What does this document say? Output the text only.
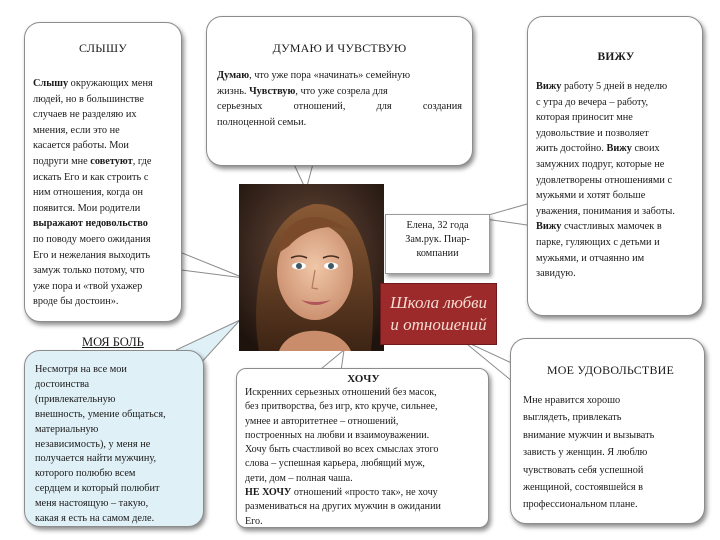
СЛЫШУ
Слышу окружающих меня
людей, но в большинстве
случаев не разделяю их
мнения, если это не
касается работы. Мои
подруги мне советуют, где
искать Его и как строить с
ним отношения, когда он
появится. Мои родители
выражают недовольство
по поводу моего ожидания
Его и нежелания выходить
замуж только потому, что
уже пора и «твой ухажер
вроде бы достоин».
ДУМАЮ И ЧУВСТВУЮ
Думаю, что уже пора «начинать» семейную
жизнь. Чувствую, что уже созрела для
серьезных отношений, для создания
полноценной семьи.
ВИЖУ
Вижу работу 5 дней в неделю
с утра до вечера – работу,
которая приносит мне
удовольствие и позволяет
жить достойно. Вижу своих
замужних подруг, которые не
удовлетворены отношениями с
мужьями и хотят больше
уважения, понимания и заботы.
Вижу счастливых мамочек в
парке, гуляющих с детьми и
мужьями, и отчаянно им
завидую.
Несмотря на все мои
достоинства
(привлекательную
внешность, умение общаться,
материальную
независимость), у меня не
получается найти мужчину,
которого полюбю всем
сердцем и который полюбит
меня настоящую – такую,
какая я есть на самом деле.
МОЯ БОЛЬ
ХОЧУ
Искренних серьезных отношений без масок,
без притворства, без игр, кто круче, сильнее,
умнее и авторитетнее – отношений,
построенных на любви и взаимоуважении.
Хочу быть счастливой во всех смыслах этого
слова – успешная карьера, любящий муж,
дети, дом – полная чаша.
НЕ ХОЧУ отношений «просто так», не хочу
размениваться на других мужчин в ожидании
Его.
МОЕ УДОВОЛЬСТВИЕ
Мне нравится хорошо
выглядеть, привлекать
внимание мужчин и вызывать
зависть у женщин. Я люблю
чувствовать себя успешной
женщиной, состоявшейся в
профессиональном плане.
Елена, 32 года
Зам.рук. Пиар-
компании
Школа любви
и отношений
